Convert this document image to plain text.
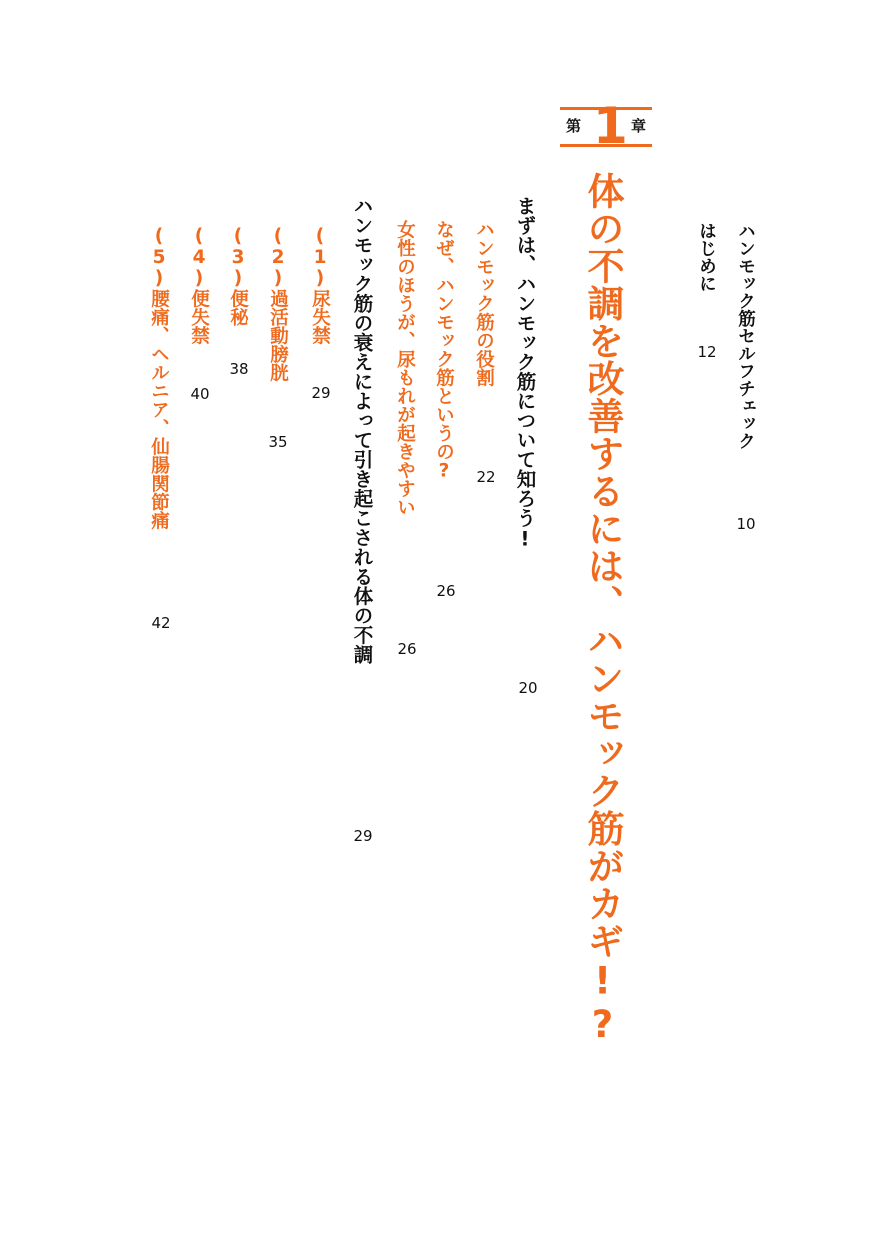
ハンモック筋セルフチェック
10
はじめに
12
第 1 章
体の不調を改善するには、ハンモック筋がカギ!?
まずは、ハンモック筋について知ろう!
20
ハンモック筋の役割
22
なぜ、ハンモック筋というの?
26
女性のほうが、尿もれが起きやすい
26
ハンモック筋の衰えによって引き起こされる体の不調
29
(1)尿失禁
29
(2)過活動膀胱
35
(3)便秘
38
(4)便失禁
40
(5)腰痛、ヘルニア、仙腸関節痛
42
